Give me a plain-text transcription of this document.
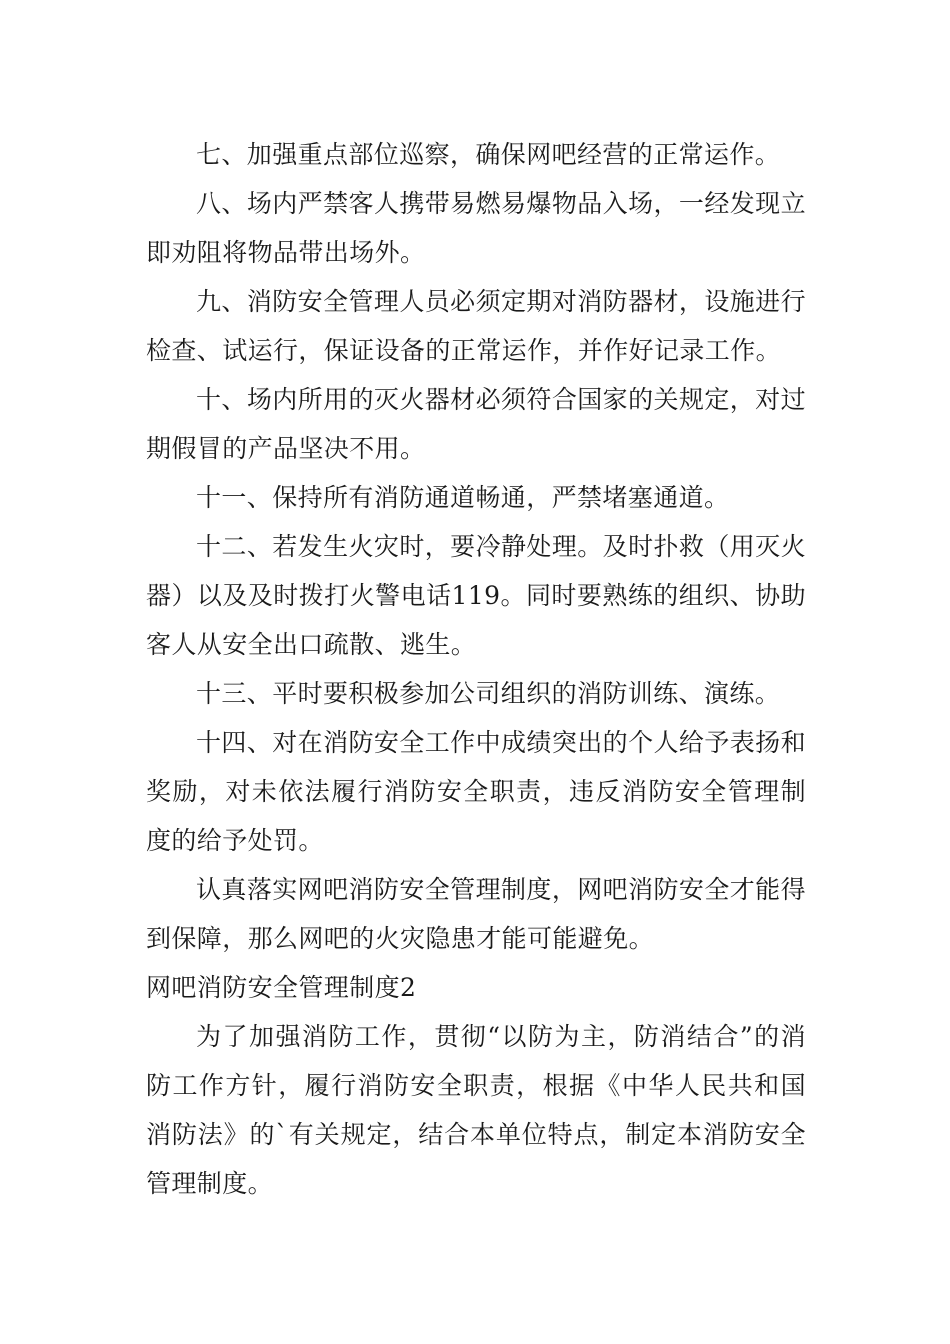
七、加强重点部位巡察，确保网吧经营的正常运作。

八、场内严禁客人携带易燃易爆物品入场，一经发现立即劝阻将物品带出场外。

九、消防安全管理人员必须定期对消防器材，设施进行检查、试运行，保证设备的正常运作，并作好记录工作。

十、场内所用的灭火器材必须符合国家的关规定，对过期假冒的产品坚决不用。

十一、保持所有消防通道畅通，严禁堵塞通道。

十二、若发生火灾时，要冷静处理。及时扑救（用灭火器）以及及时拨打火警电话119。同时要熟练的组织、协助客人从安全出口疏散、逃生。

十三、平时要积极参加公司组织的消防训练、演练。

十四、对在消防安全工作中成绩突出的个人给予表扬和奖励，对未依法履行消防安全职责，违反消防安全管理制度的给予处罚。

认真落实网吧消防安全管理制度，网吧消防安全才能得到保障，那么网吧的火灾隐患才能可能避免。

网吧消防安全管理制度2

为了加强消防工作，贯彻“以防为主，防消结合”的消防工作方针，履行消防安全职责，根据《中华人民共和国消防法》的`有关规定，结合本单位特点，制定本消防安全管理制度。
